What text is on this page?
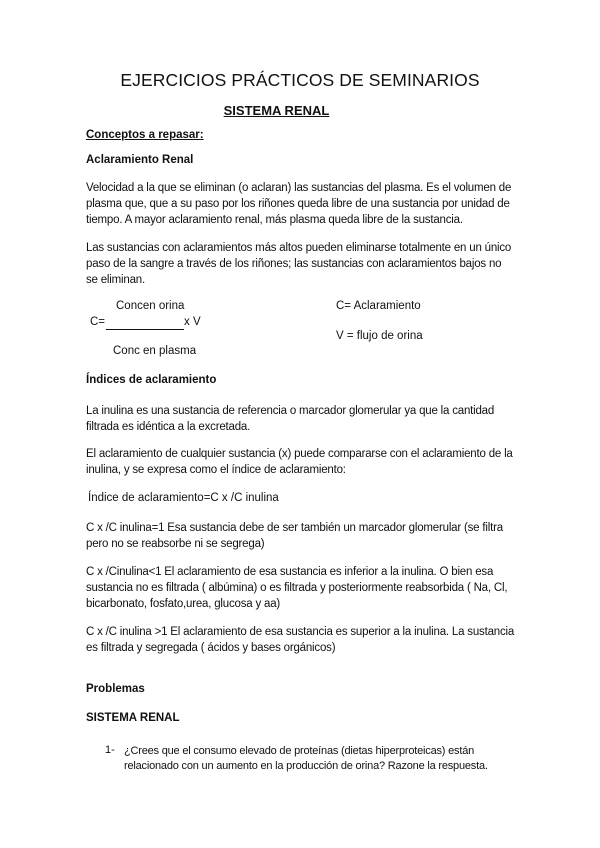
EJERCICIOS PRÁCTICOS DE SEMINARIOS
SISTEMA RENAL
Conceptos a repasar:
Aclaramiento Renal
Velocidad a la que se eliminan (o aclaran) las sustancias del plasma. Es el volumen de plasma que, que a su paso por los riñones queda libre de una sustancia por unidad de tiempo. A mayor aclaramiento renal, más plasma queda libre de la sustancia.
Las sustancias con aclaramientos más altos pueden eliminarse totalmente en un único paso de la sangre a través de los riñones; las sustancias con aclaramientos bajos no se eliminan.
Concen orina
C=	x V
Conc en plasma
C= Aclaramiento
V = flujo de orina
Índices de aclaramiento
La inulina es una sustancia de referencia o marcador glomerular ya que la cantidad filtrada es idéntica a la excretada.
El aclaramiento de cualquier sustancia (x) puede compararse con el aclaramiento de la inulina, y se expresa como el índice de aclaramiento:
Índice de aclaramiento=C x /C inulina
C x /C inulina=1 Esa sustancia debe de ser también un marcador glomerular (se filtra pero no se reabsorbe ni se segrega)
C x /Cinulina<1 El aclaramiento de esa sustancia es inferior a la inulina. O bien esa sustancia no es filtrada ( albúmina) o es filtrada y posteriormente reabsorbida ( Na, Cl, bicarbonato, fosfato,urea, glucosa y aa)
C x /C inulina >1 El aclaramiento de esa sustancia es superior a la inulina. La sustancia es filtrada y segregada ( ácidos y bases orgánicos)
Problemas
SISTEMA RENAL
1- ¿Crees que el consumo elevado de proteínas (dietas hiperproteicas) están relacionado con un aumento en la producción de orina? Razone la respuesta.
